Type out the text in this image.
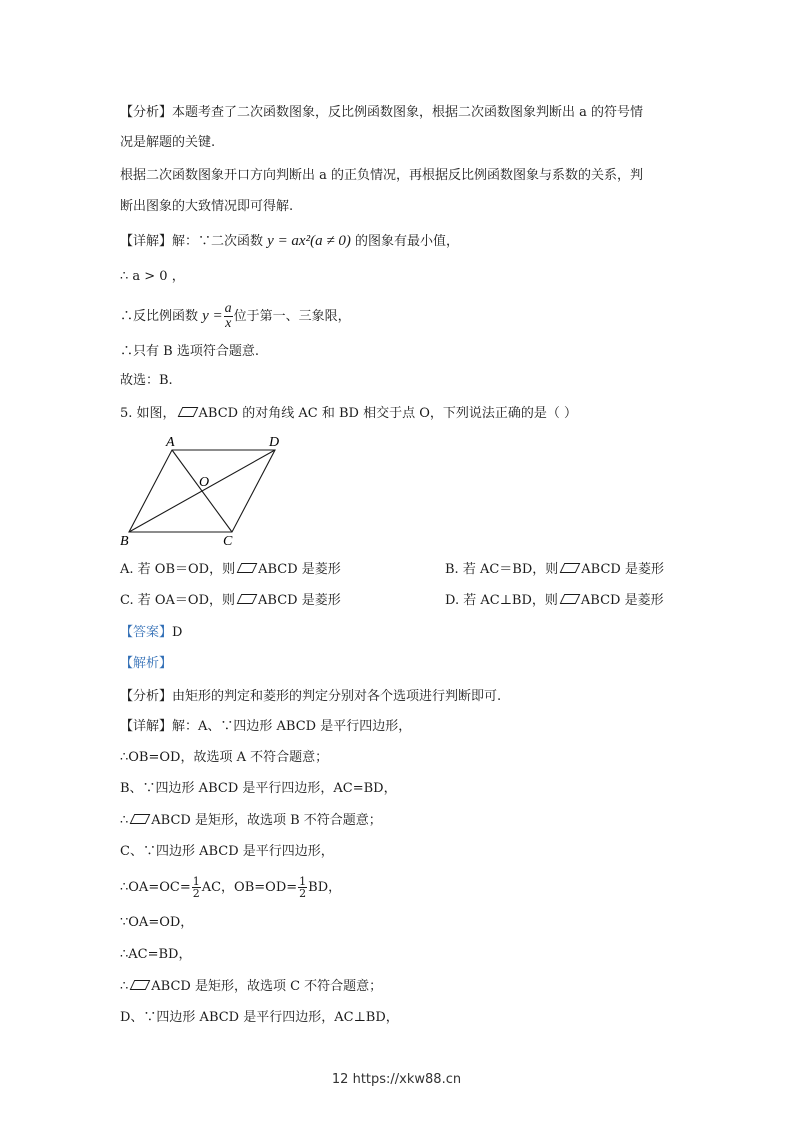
【分析】本题考查了二次函数图象，反比例函数图象，根据二次函数图象判断出 a 的符号情
况是解题的关键.
根据二次函数图象开口方向判断出 a 的正负情况，再根据反比例函数图象与系数的关系，判
断出图象的大致情况即可得解.
【详解】解：∵二次函数 y = ax²(a ≠ 0) 的图象有最小值，
∴ a > 0 ，
∴反比例函数 $y = \frac{a}{x}$ 位于第一、三象限，
∴只有 B 选项符合题意.
故选：B.
5. 如图， ABCD 的对角线 AC 和 BD 相交于点 O，下列说法正确的是（ ）
A	D
O
B	C
A. 若 OB＝OD，则 ABCD 是菱形	B. 若 AC＝BD，则 ABCD 是菱形
C. 若 OA＝OD，则 ABCD 是菱形	D. 若 AC⊥BD，则 ABCD 是菱形
【答案】D
【解析】
【分析】由矩形的判定和菱形的判定分别对各个选项进行判断即可.
【详解】解：A、∵四边形 ABCD 是平行四边形，
∴OB=OD，故选项 A 不符合题意；
B、∵四边形 ABCD 是平行四边形，AC=BD，
∴ ABCD 是矩形，故选项 B 不符合题意；
C、∵四边形 ABCD 是平行四边形，
∴OA=OC= $\frac{1}{2}$ AC，$OB=OD= \frac{1}{2}$ BD，
∵OA=OD，
∴AC=BD，
∴ ABCD 是矩形，故选项 C 不符合题意；
D、∵四边形 ABCD 是平行四边形，AC⊥BD，
12 https://xkw88.cn
